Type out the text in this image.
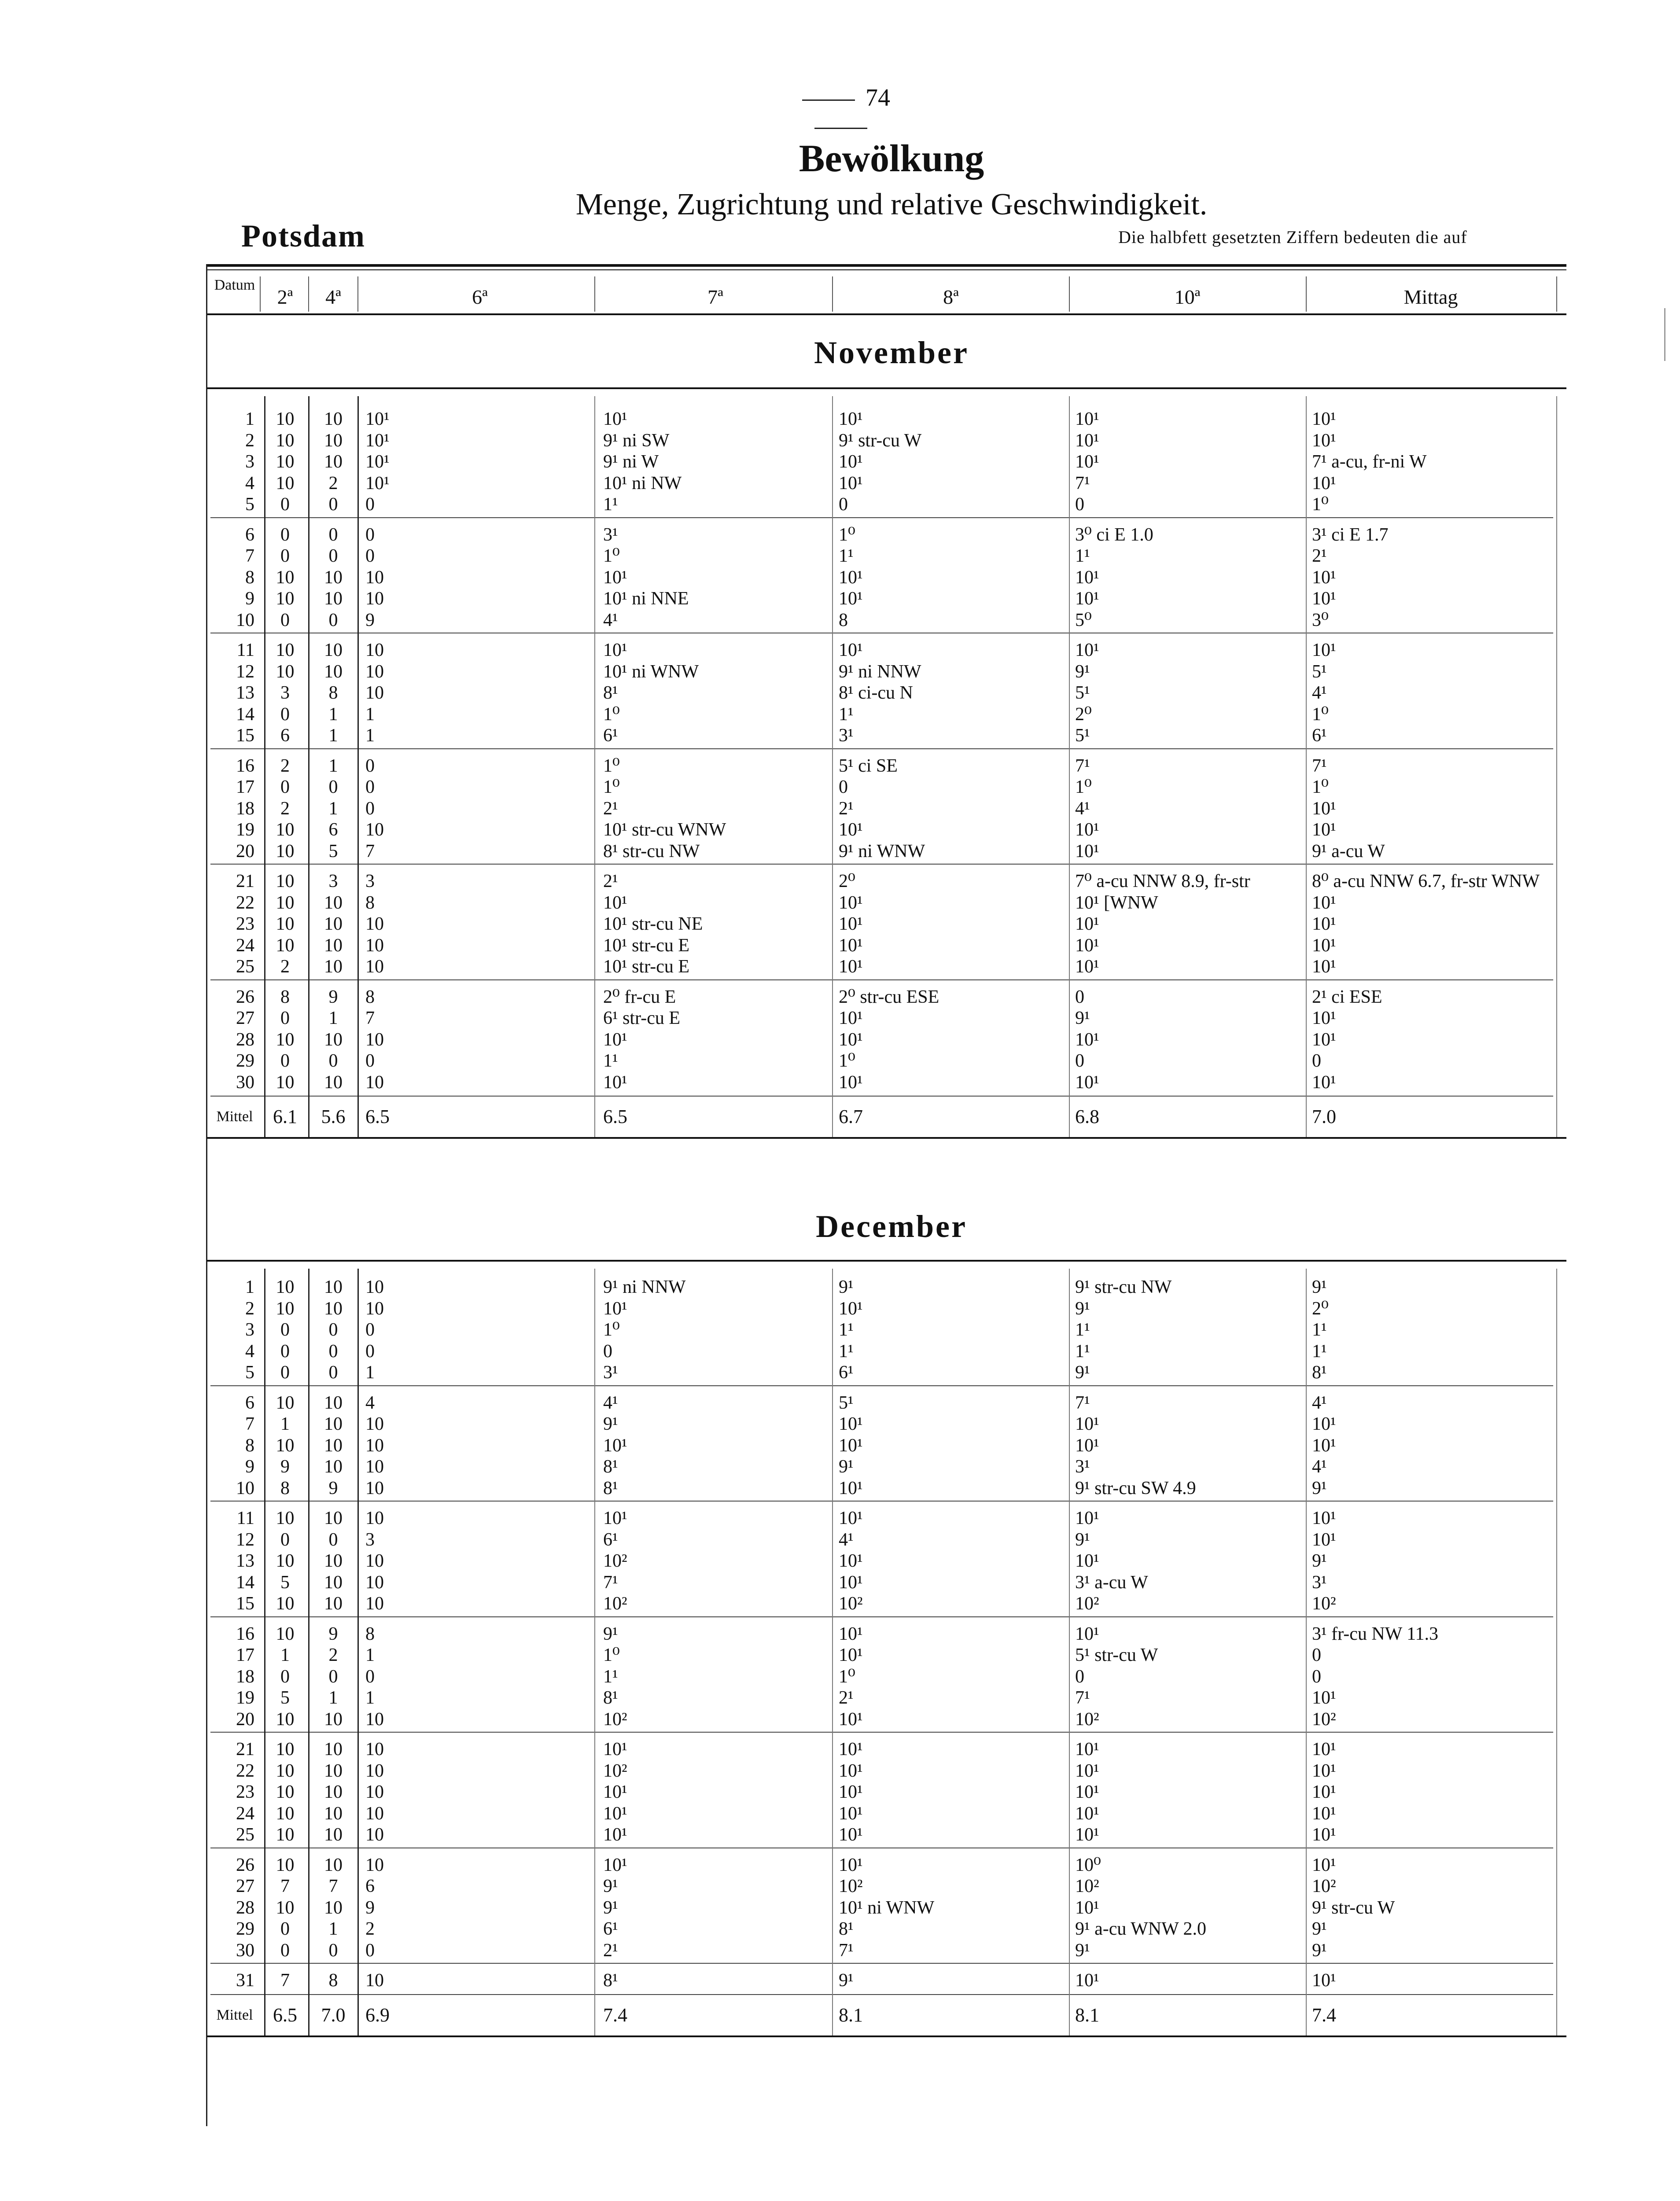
74
Bewölkung
Menge, Zugrichtung und relative Geschwindigkeit.
Potsdam	Die halbfett gesetzten Ziffern bedeuten die auf
Datum
2ª	4ª	6ª	7ª	8ª	10ª	Mittag
November
1	10	10	10¹	10¹	10¹	10¹	10¹
2	10	10	10¹	9¹ ni SW	9¹ str-cu W	10¹	10¹
3	10	10	10¹	9¹ ni W	10¹	10¹	7¹ a-cu, fr-ni W
4	10	2	10¹	10¹ ni NW	10¹	7¹	10¹
5	0	0	0	1¹	0	0	1⁰
6	0	0	0	3¹	1⁰	3⁰ ci E 1.0	3¹ ci E 1.7
7	0	0	0	1⁰	1¹	1¹	2¹
8	10	10	10	10¹	10¹	10¹	10¹
9	10	10	10	10¹ ni NNE	10¹	10¹	10¹
10	0	0	9	4¹	8	5⁰	3⁰
11	10	10	10	10¹	10¹	10¹	10¹
12	10	10	10	10¹ ni WNW	9¹ ni NNW	9¹	5¹
13	3	8	10	8¹	8¹ ci-cu N	5¹	4¹
14	0	1	1	1⁰	1¹	2⁰	1⁰
15	6	1	1	6¹	3¹	5¹	6¹
16	2	1	0	1⁰	5¹ ci SE	7¹	7¹
17	0	0	0	1⁰	0	1⁰	1⁰
18	2	1	0	2¹	2¹	4¹	10¹
19	10	6	10	10¹ str-cu WNW	10¹	10¹	10¹
20	10	5	7	8¹ str-cu NW	9¹ ni WNW	10¹	9¹ a-cu W
21	10	3	3	2¹	2⁰	7⁰ a-cu NNW 8.9, fr-str	8⁰ a-cu NNW 6.7, fr-str WNW
22	10	10	8	10¹	10¹	10¹ [WNW	10¹
23	10	10	10	10¹ str-cu NE	10¹	10¹	10¹
24	10	10	10	10¹ str-cu E	10¹	10¹	10¹
25	2	10	10	10¹ str-cu E	10¹	10¹	10¹
26	8	9	8	2⁰ fr-cu E	2⁰ str-cu ESE	0	2¹ ci ESE
27	0	1	7	6¹ str-cu E	10¹	9¹	10¹
28	10	10	10	10¹	10¹	10¹	10¹
29	0	0	0	1¹	1⁰	0	0
30	10	10	10	10¹	10¹	10¹	10¹
Mittel	6.1	5.6	6.5	6.5	6.7	6.8	7.0
December
1	10	10	10	9¹ ni NNW	9¹	9¹ str-cu NW	9¹
2	10	10	10	10¹	10¹	9¹	2⁰
3	0	0	0	1⁰	1¹	1¹	1¹
4	0	0	0	0	1¹	1¹	1¹
5	0	0	1	3¹	6¹	9¹	8¹
6	10	10	4	4¹	5¹	7¹	4¹
7	1	10	10	9¹	10¹	10¹	10¹
8	10	10	10	10¹	10¹	10¹	10¹
9	9	10	10	8¹	9¹	3¹	4¹
10	8	9	10	8¹	10¹	9¹ str-cu SW 4.9	9¹
11	10	10	10	10¹	10¹	10¹	10¹
12	0	0	3	6¹	4¹	9¹	10¹
13	10	10	10	10²	10¹	10¹	9¹
14	5	10	10	7¹	10¹	3¹ a-cu W	3¹
15	10	10	10	10²	10²	10²	10²
16	10	9	8	9¹	10¹	10¹	3¹ fr-cu NW 11.3
17	1	2	1	1⁰	10¹	5¹ str-cu W	0
18	0	0	0	1¹	1⁰	0	0
19	5	1	1	8¹	2¹	7¹	10¹
20	10	10	10	10²	10¹	10²	10²
21	10	10	10	10¹	10¹	10¹	10¹
22	10	10	10	10²	10¹	10¹	10¹
23	10	10	10	10¹	10¹	10¹	10¹
24	10	10	10	10¹	10¹	10¹	10¹
25	10	10	10	10¹	10¹	10¹	10¹
26	10	10	10	10¹	10¹	10⁰	10¹
27	7	7	6	9¹	10²	10²	10²
28	10	10	9	9¹	10¹ ni WNW	10¹	9¹ str-cu W
29	0	1	2	6¹	8¹	9¹ a-cu WNW 2.0	9¹
30	0	0	0	2¹	7¹	9¹	9¹
31	7	8	10	8¹	9¹	10¹	10¹
Mittel	6.5	7.0	6.9	7.4	8.1	8.1	7.4
